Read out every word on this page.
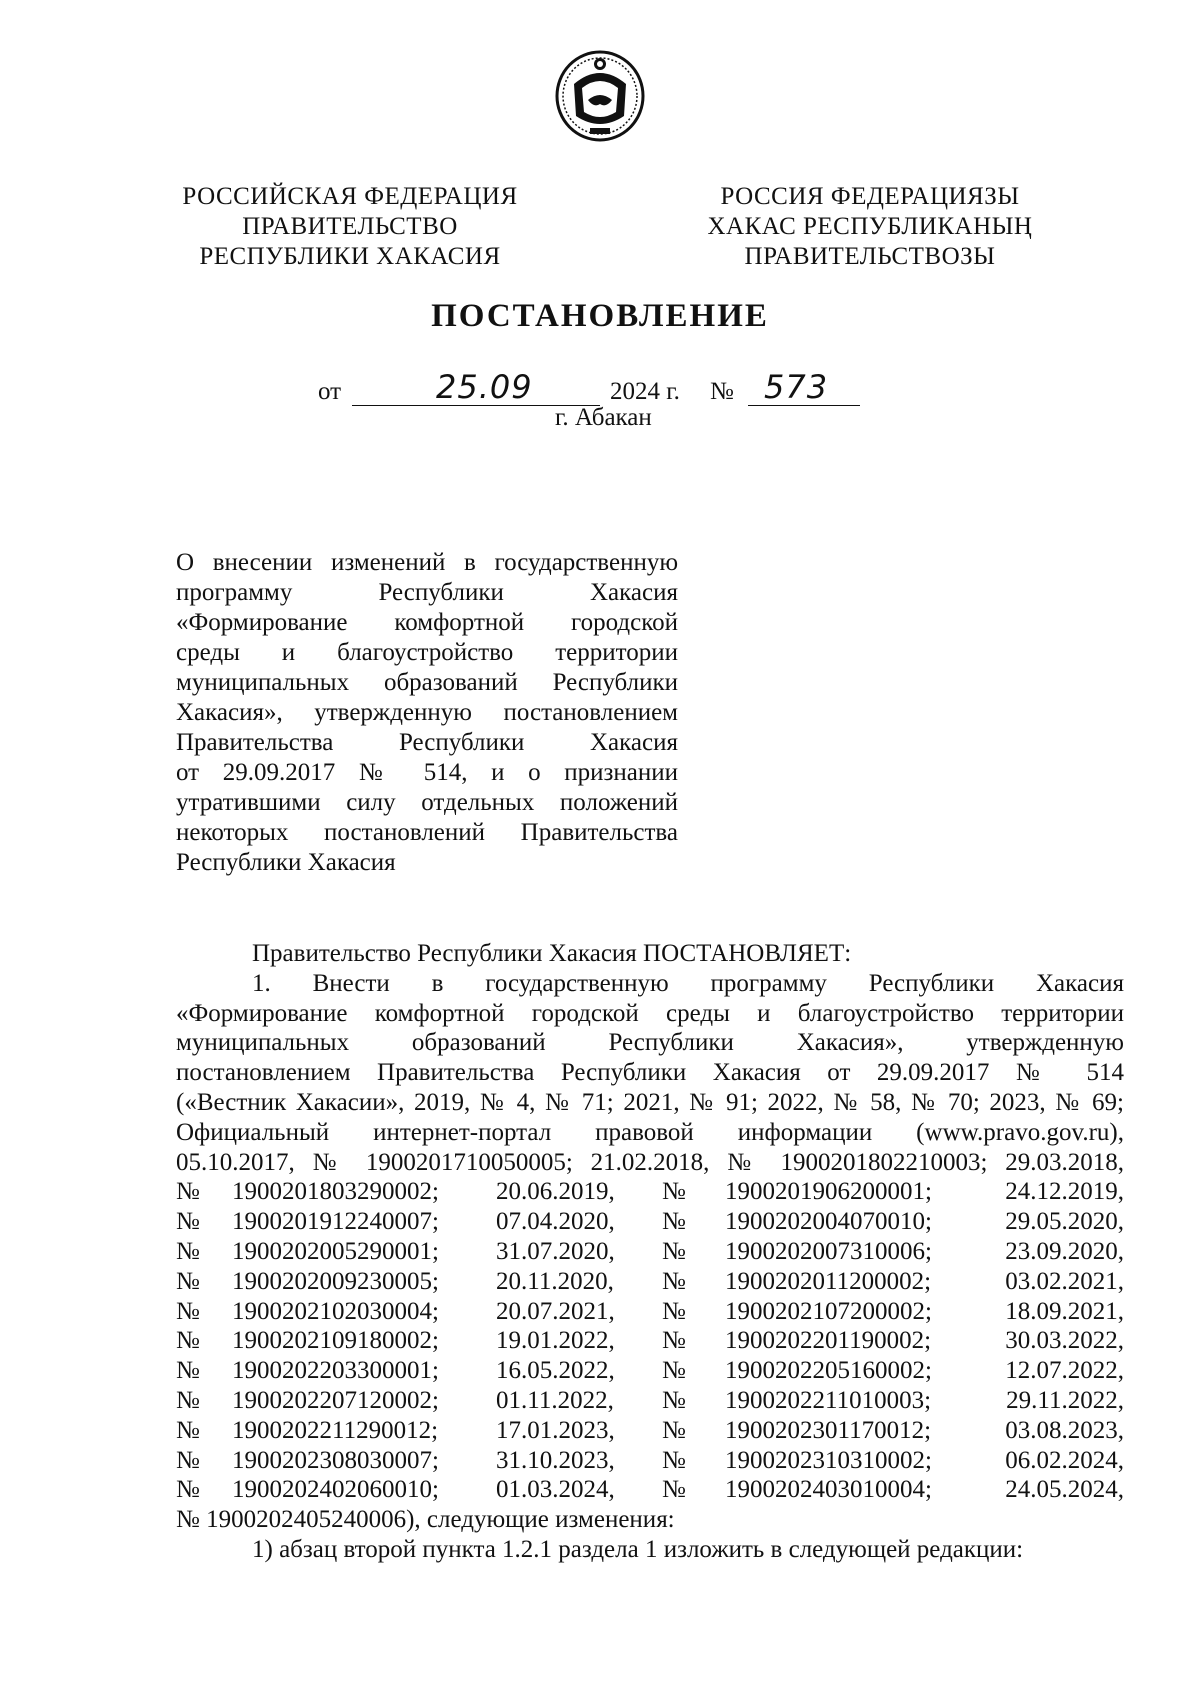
РОССИЙСКАЯ ФЕДЕРАЦИЯ
ПРАВИТЕЛЬСТВО
РЕСПУБЛИКИ ХАКАСИЯ
РОССИЯ ФЕДЕРАЦИЯЗЫ
ХАКАС РЕСПУБЛИКАНЫҢ
ПРАВИТЕЛЬСТВОЗЫ
ПОСТАНОВЛЕНИЕ
от	25.09	2024 г. № 573
г. Абакан
О внесении изменений в государственную
программу Республики Хакасия
«Формирование комфортной городской
среды и благоустройство территории
муниципальных образований Республики
Хакасия», утвержденную постановлением
Правительства Республики Хакасия
от 29.09.2017 № 514, и о признании
утратившими силу отдельных положений
некоторых постановлений Правительства
Республики Хакасия
Правительство Республики Хакасия ПОСТАНОВЛЯЕТ:
1. Внести в государственную программу Республики Хакасия
«Формирование комфортной городской среды и благоустройство территории
муниципальных образований Республики Хакасия», утвержденную
постановлением Правительства Республики Хакасия от 29.09.2017 № 514
(«Вестник Хакасии», 2019, № 4, № 71; 2021, № 91; 2022, № 58, № 70; 2023, № 69;
Официальный интернет-портал правовой информации (www.pravo.gov.ru),
05.10.2017, № 1900201710050005; 21.02.2018, № 1900201802210003; 29.03.2018,
№	1900201803290002;	20.06.2019,	№	1900201906200001;	24.12.2019,
№	1900201912240007;	07.04.2020,	№	1900202004070010;	29.05.2020,
№	1900202005290001;	31.07.2020,	№	1900202007310006;	23.09.2020,
№	1900202009230005;	20.11.2020,	№	1900202011200002;	03.02.2021,
№	1900202102030004;	20.07.2021,	№	1900202107200002;	18.09.2021,
№	1900202109180002;	19.01.2022,	№	1900202201190002;	30.03.2022,
№	1900202203300001;	16.05.2022,	№	1900202205160002;	12.07.2022,
№	1900202207120002;	01.11.2022,	№	1900202211010003;	29.11.2022,
№	1900202211290012;	17.01.2023,	№	1900202301170012;	03.08.2023,
№	1900202308030007;	31.10.2023,	№	1900202310310002;	06.02.2024,
№	1900202402060010;	01.03.2024,	№	1900202403010004;	24.05.2024,
№ 1900202405240006), следующие изменения:
1) абзац второй пункта 1.2.1 раздела 1 изложить в следующей редакции:
